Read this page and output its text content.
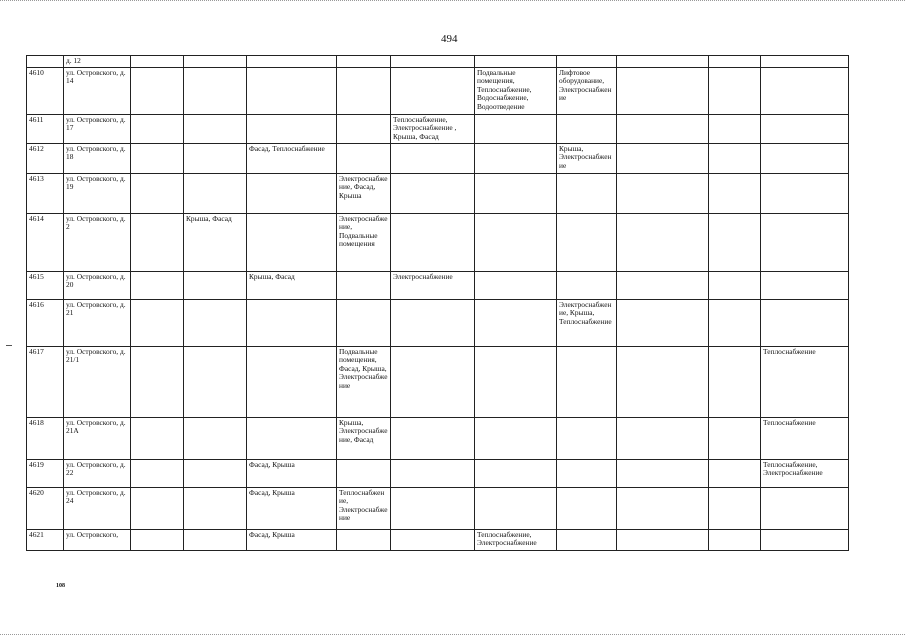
494
	д. 12											
4610	ул. Островского, д. 14						Подвальные помещения, Теплоснабжение, Водоснабжение, Водоотведение	Лифтовое оборудование, Электроснабжение				
4611	ул. Островского, д. 17					Теплоснабжение, Электроснабжение , Крыша, Фасад						
4612	ул. Островского, д. 18			Фасад, Теплоснабжение				Крыша, Электроснабжение				
4613	ул. Островского, д. 19				Электроснабжение, Фасад, Крыша							
4614	ул. Островского, д. 2		Крыша, Фасад		Электроснабжение, Подвальные помещения							
4615	ул. Островского, д. 20			Крыша, Фасад		Электроснабжение						
4616	ул. Островского, д. 21							Электроснабжение, Крыша, Теплоснабжение				
4617	ул. Островского, д. 21/1				Подвальные помещения, Фасад, Крыша, Электроснабжение						Теплоснабжение	
4618	ул. Островского, д. 21А				Крыша, Электроснабжение, Фасад						Теплоснабжение	
4619	ул. Островского, д. 22			Фасад, Крыша							Теплоснабжение, Электроснабжение	
4620	ул. Островского, д. 24			Фасад, Крыша	Теплоснабжение, Электроснабжение							
4621	ул. Островского,			Фасад, Крыша			Теплоснабжение, Электроснабжение					
108
